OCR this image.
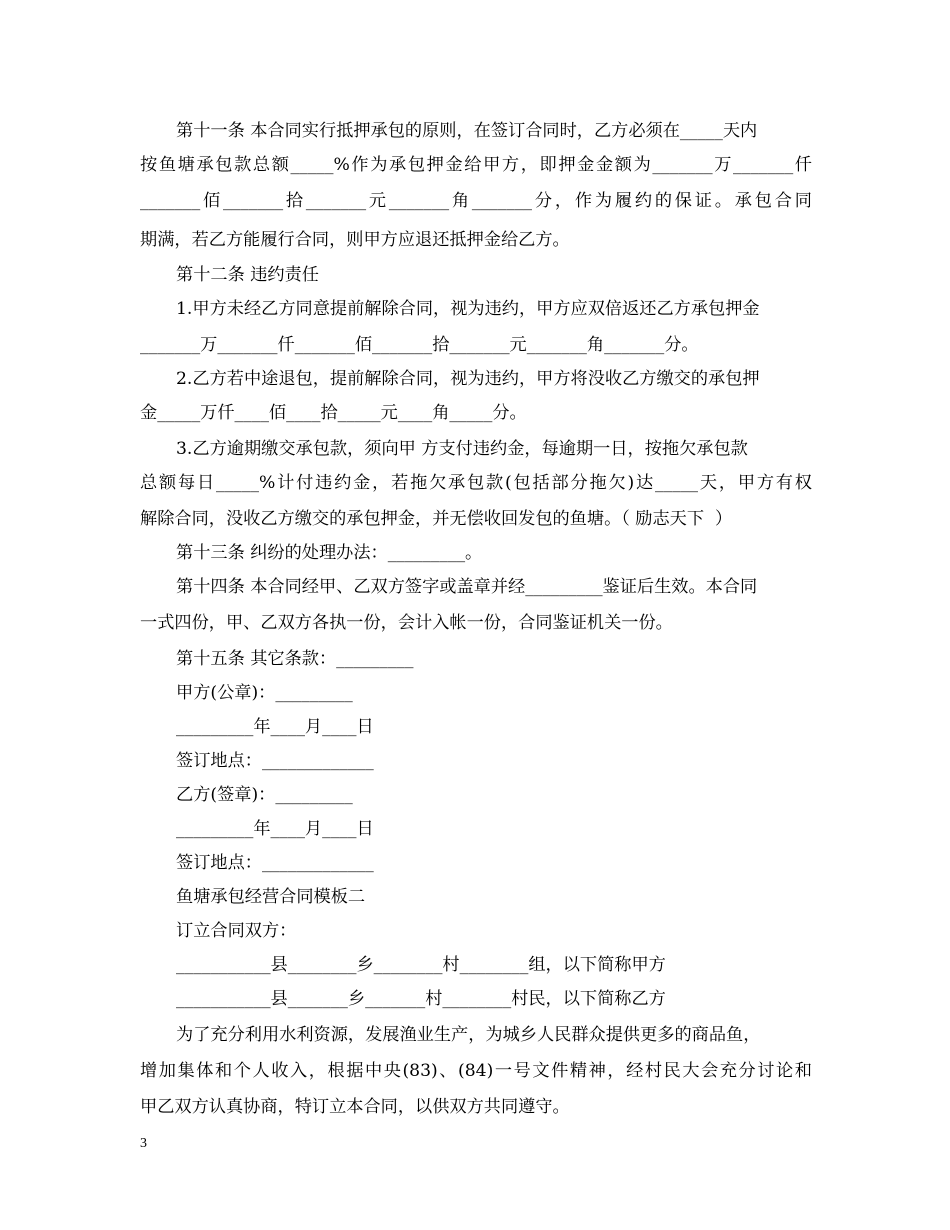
第十一条 本合同实行抵押承包的原则，在签订合同时，乙方必须在_____天内
按鱼塘承包款总额_____%作为承包押金给甲方，即押金金额为_______万_______仟
_______佰_______拾_______元_______角_______分，作为履约的保证。承包合同
期满，若乙方能履行合同，则甲方应退还抵押金给乙方。
第十二条 违约责任
1.甲方未经乙方同意提前解除合同，视为违约，甲方应双倍返还乙方承包押金
_______万_______仟_______佰_______拾_______元_______角_______分。
2.乙方若中途退包，提前解除合同，视为违约，甲方将没收乙方缴交的承包押
金_____万仟____佰____拾_____元____角_____分。
3.乙方逾期缴交承包款，须向甲 方支付违约金，每逾期一日，按拖欠承包款
总额每日_____%计付违约金，若拖欠承包款(包括部分拖欠)达_____天，甲方有权
解除合同，没收乙方缴交的承包押金，并无偿收回发包的鱼塘。（ 励志天下  ）
第十三条 纠纷的处理办法：_________。
第十四条 本合同经甲、乙双方签字或盖章并经_________鉴证后生效。本合同
一式四份，甲、乙双方各执一份，会计入帐一份，合同鉴证机关一份。
第十五条 其它条款：_________
甲方(公章)：_________
_________年____月____日
签订地点：_____________
乙方(签章)：_________
_________年____月____日
签订地点：_____________
鱼塘承包经营合同模板二
订立合同双方：
___________县________乡________村________组，以下简称甲方
___________县_______乡_______村________村民，以下简称乙方
为了充分利用水利资源，发展渔业生产，为城乡人民群众提供更多的商品鱼，
增加集体和个人收入，根据中央(83)、(84)一号文件精神，经村民大会充分讨论和
甲乙双方认真协商，特订立本合同，以供双方共同遵守。
3
